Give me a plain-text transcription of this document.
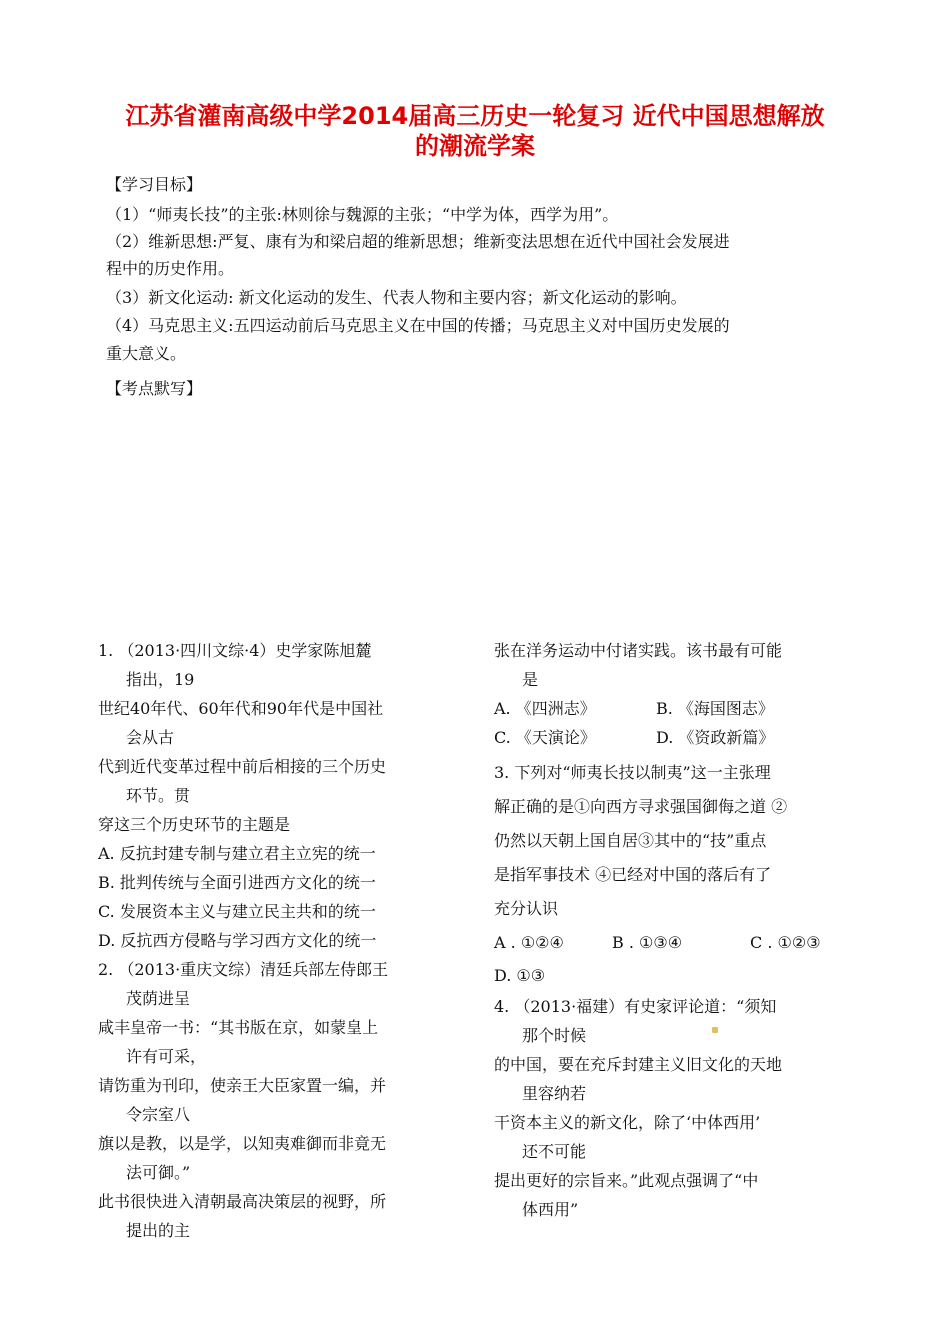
江苏省灌南高级中学2014届高三历史一轮复习 近代中国思想解放
的潮流学案
【学习目标】
（1）“师夷长技”的主张:林则徐与魏源的主张；“中学为体，西学为用”。
（2）维新思想:严复、康有为和梁启超的维新思想；维新变法思想在近代中国社会发展进
程中的历史作用。
（3）新文化运动: 新文化运动的发生、代表人物和主要内容；新文化运动的影响。
（4）马克思主义:五四运动前后马克思主义在中国的传播；马克思主义对中国历史发展的
重大意义。
【考点默写】
1. （2013·四川文综·4）史学家陈旭麓
指出，19
世纪40年代、60年代和90年代是中国社
会从古
代到近代变革过程中前后相接的三个历史
环节。贯
穿这三个历史环节的主题是
A. 反抗封建专制与建立君主立宪的统一
B. 批判传统与全面引进西方文化的统一
C. 发展资本主义与建立民主共和的统一
D. 反抗西方侵略与学习西方文化的统一
2. （2013·重庆文综）清廷兵部左侍郎王
茂荫进呈
咸丰皇帝一书：“其书版在京，如蒙皇上
许有可采，
请饬重为刊印，使亲王大臣家置一编，并
令宗室八
旗以是教，以是学，以知夷难御而非竟无
法可御。”
此书很快进入清朝最高决策层的视野，所
提出的主
张在洋务运动中付诸实践。该书最有可能
是
A. 《四洲志》	B. 《海国图志》
C. 《天演论》	D. 《资政新篇》
3. 下列对“师夷长技以制夷”这一主张理
解正确的是①向西方寻求强国御侮之道 ②
仍然以天朝上国自居③其中的“技”重点
是指军事技术 ④已经对中国的落后有了
充分认识
A . ①②④	B . ①③④	C . ①②③
D. ①③
4. （2013·福建）有史家评论道：“须知
那个时候
的中国，要在充斥封建主义旧文化的天地
里容纳若
干资本主义的新文化，除了‘中体西用’
还不可能
提出更好的宗旨来。”此观点强调了“中
体西用”
